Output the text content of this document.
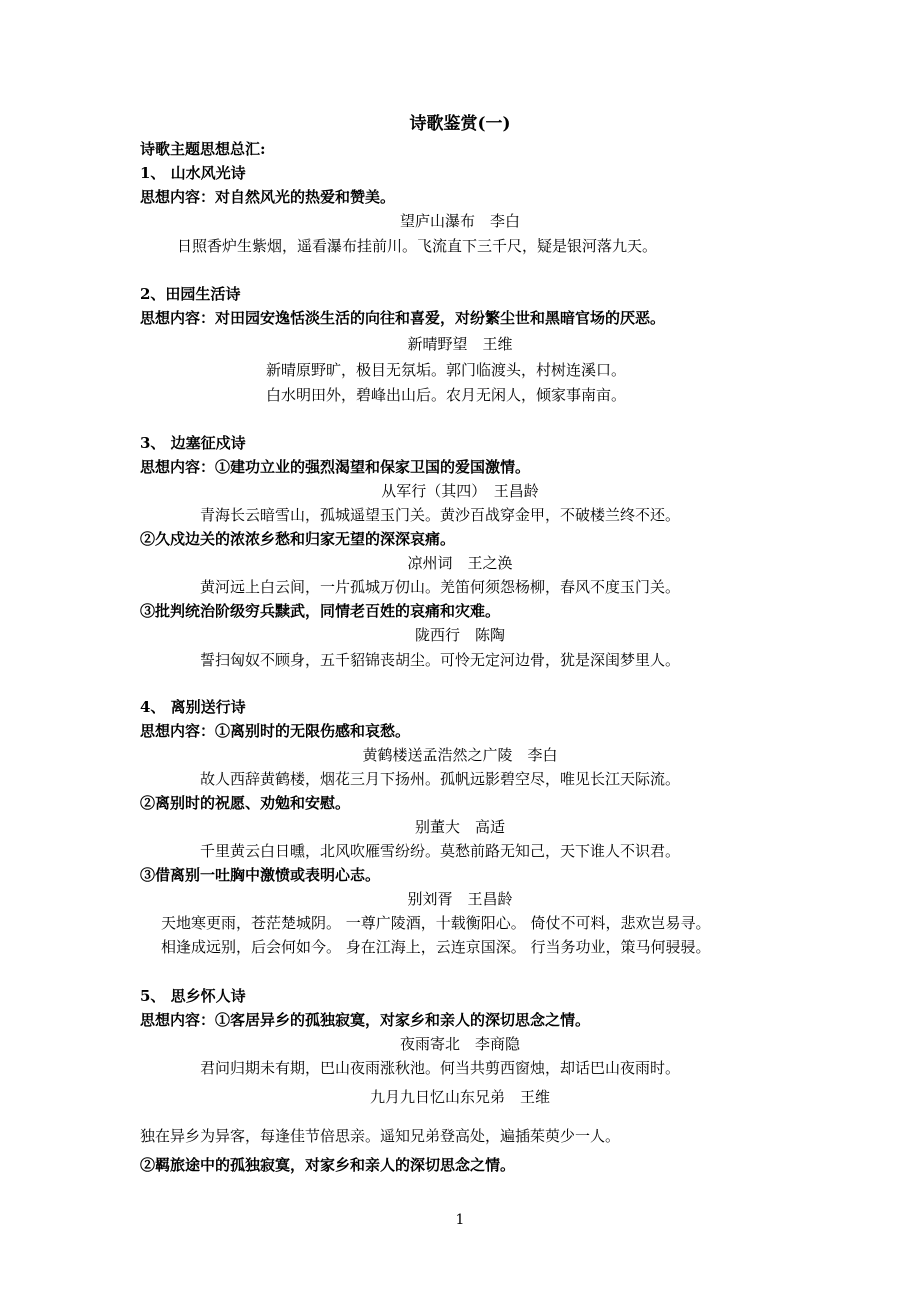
诗歌鉴赏(一)
诗歌主题思想总汇:
1、 山水风光诗
思想内容：对自然风光的热爱和赞美。
望庐山瀑布　李白
日照香炉生紫烟，遥看瀑布挂前川。飞流直下三千尺，疑是银河落九天。
2、田园生活诗
思想内容：对田园安逸恬淡生活的向往和喜爱，对纷繁尘世和黑暗官场的厌恶。
新晴野望　王维
新晴原野旷，极目无氛垢。郭门临渡头，村树连溪口。
白水明田外，碧峰出山后。农月无闲人，倾家事南亩。
3、 边塞征戍诗
思想内容：①建功立业的强烈渴望和保家卫国的爱国激情。
从军行（其四）　王昌龄
青海长云暗雪山，孤城遥望玉门关。黄沙百战穿金甲，不破楼兰终不还。
②久戍边关的浓浓乡愁和归家无望的深深哀痛。
凉州词　王之涣
黄河远上白云间，一片孤城万仞山。羌笛何须怨杨柳，春风不度玉门关。
③批判统治阶级穷兵黩武，同情老百姓的哀痛和灾难。
陇西行　陈陶
誓扫匈奴不顾身，五千貂锦丧胡尘。可怜无定河边骨，犹是深闺梦里人。
4、 离别送行诗
思想内容：①离别时的无限伤感和哀愁。
黄鹤楼送孟浩然之广陵　李白
故人西辞黄鹤楼，烟花三月下扬州。孤帆远影碧空尽，唯见长江天际流。
②离别时的祝愿、劝勉和安慰。
别董大　高适
千里黄云白日曛，北风吹雁雪纷纷。莫愁前路无知己，天下谁人不识君。
③借离别一吐胸中激愤或表明心志。
别刘胥　王昌龄
天地寒更雨，苍茫楚城阴。 一尊广陵酒，十载衡阳心。 倚仗不可料，悲欢岂易寻。
相逢成远别，后会何如今。 身在江海上，云连京国深。 行当务功业，策马何骎骎。
5、 思乡怀人诗
思想内容：①客居异乡的孤独寂寞，对家乡和亲人的深切思念之情。
夜雨寄北　李商隐
君问归期未有期，巴山夜雨涨秋池。何当共剪西窗烛，却话巴山夜雨时。
九月九日忆山东兄弟　王维
独在异乡为异客，每逢佳节倍思亲。遥知兄弟登高处，遍插茱萸少一人。
②羁旅途中的孤独寂寞，对家乡和亲人的深切思念之情。
1
